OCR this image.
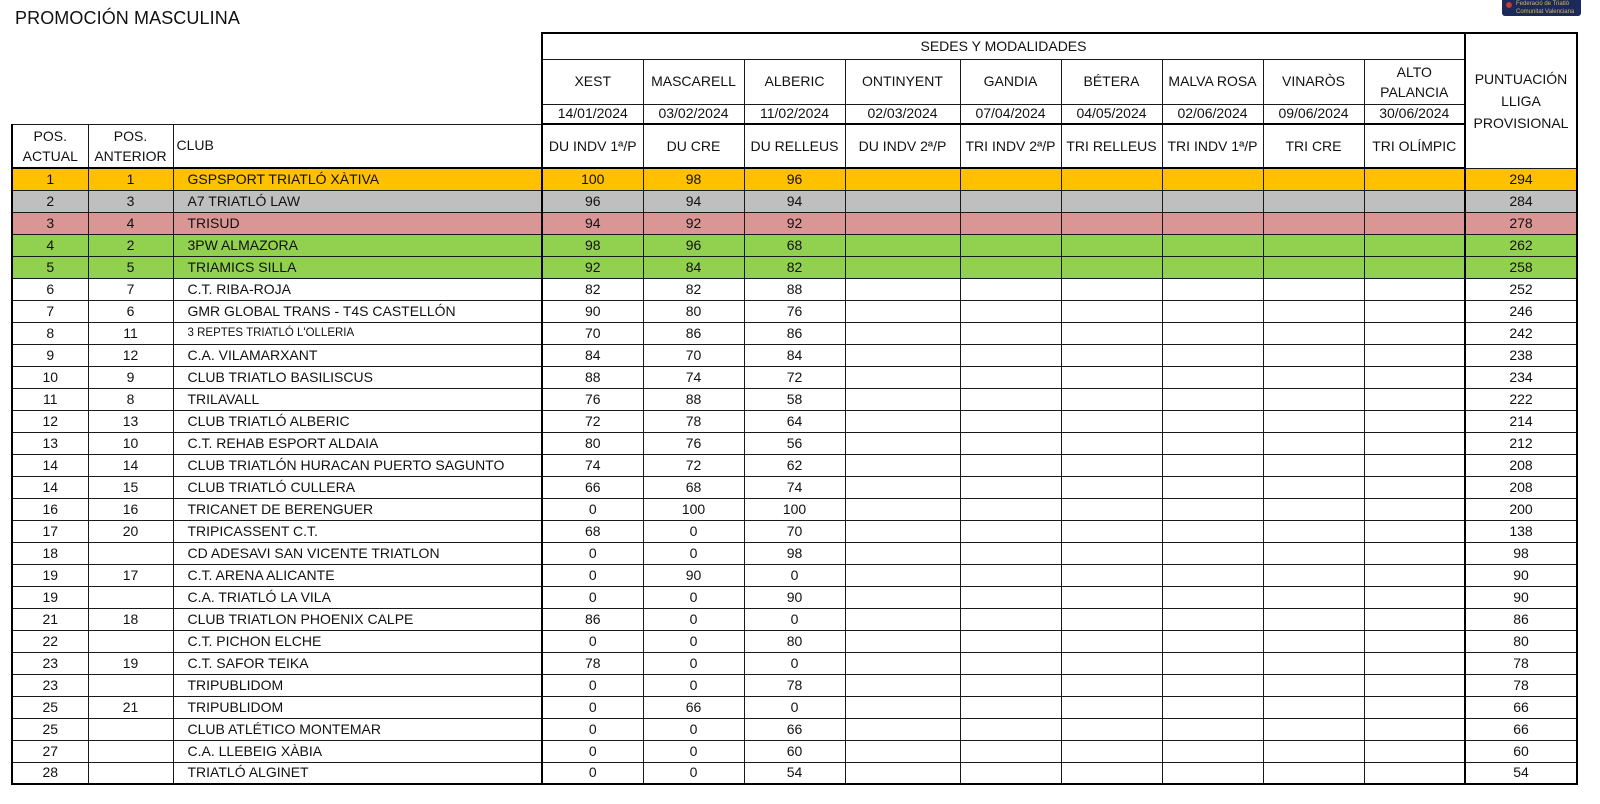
PROMOCIÓN MASCULINA
Federació de Triatló
Comunitat Valenciana
			SEDES Y MODALIDADES									PUNTUACIÓN LLIGA PROVISIONAL
			XEST	MASCARELL	ALBERIC	ONTINYENT	GANDIA	BÉTERA	MALVA ROSA	VINARÒS	ALTO PALANCIA	
			14/01/2024	03/02/2024	11/02/2024	02/03/2024	07/04/2024	04/05/2024	02/06/2024	09/06/2024	30/06/2024	
POS. ACTUAL	POS. ANTERIOR	CLUB	DU INDV 1ª/P	DU CRE	DU RELLEUS	DU INDV 2ª/P	TRI INDV 2ª/P	TRI RELLEUS	TRI INDV 1ª/P	TRI CRE	TRI OLÍMPIC	
1	1	GSPSPORT TRIATLÓ XÀTIVA	100	98	96							294
2	3	A7 TRIATLÓ LAW	96	94	94							284
3	4	TRISUD	94	92	92							278
4	2	3PW ALMAZORA	98	96	68							262
5	5	TRIAMICS SILLA	92	84	82							258
6	7	C.T. RIBA-ROJA	82	82	88							252
7	6	GMR GLOBAL TRANS - T4S CASTELLÓN	90	80	76							246
8	11	3 REPTES TRIATLÓ L'OLLERIA	70	86	86							242
9	12	C.A. VILAMARXANT	84	70	84							238
10	9	CLUB TRIATLO BASILISCUS	88	74	72							234
11	8	TRILAVALL	76	88	58							222
12	13	CLUB TRIATLÓ ALBERIC	72	78	64							214
13	10	C.T. REHAB ESPORT ALDAIA	80	76	56							212
14	14	CLUB TRIATLÓN HURACAN PUERTO SAGUNTO	74	72	62							208
14	15	CLUB TRIATLÓ CULLERA	66	68	74							208
16	16	TRICANET DE BERENGUER	0	100	100							200
17	20	TRIPICASSENT C.T.	68	0	70							138
18		CD ADESAVI SAN VICENTE TRIATLON	0	0	98							98
19	17	C.T. ARENA ALICANTE	0	90	0							90
19		C.A. TRIATLÓ LA VILA	0	0	90							90
21	18	CLUB TRIATLON PHOENIX CALPE	86	0	0							86
22		C.T. PICHON ELCHE	0	0	80							80
23	19	C.T. SAFOR TEIKA	78	0	0							78
23		TRIPUBLIDOM	0	0	78							78
25	21	TRIPUBLIDOM	0	66	0							66
25		CLUB ATLÉTICO MONTEMAR	0	0	66							66
27		C.A. LLEBEIG XÀBIA	0	0	60							60
28		TRIATLÓ ALGINET	0	0	54							54
